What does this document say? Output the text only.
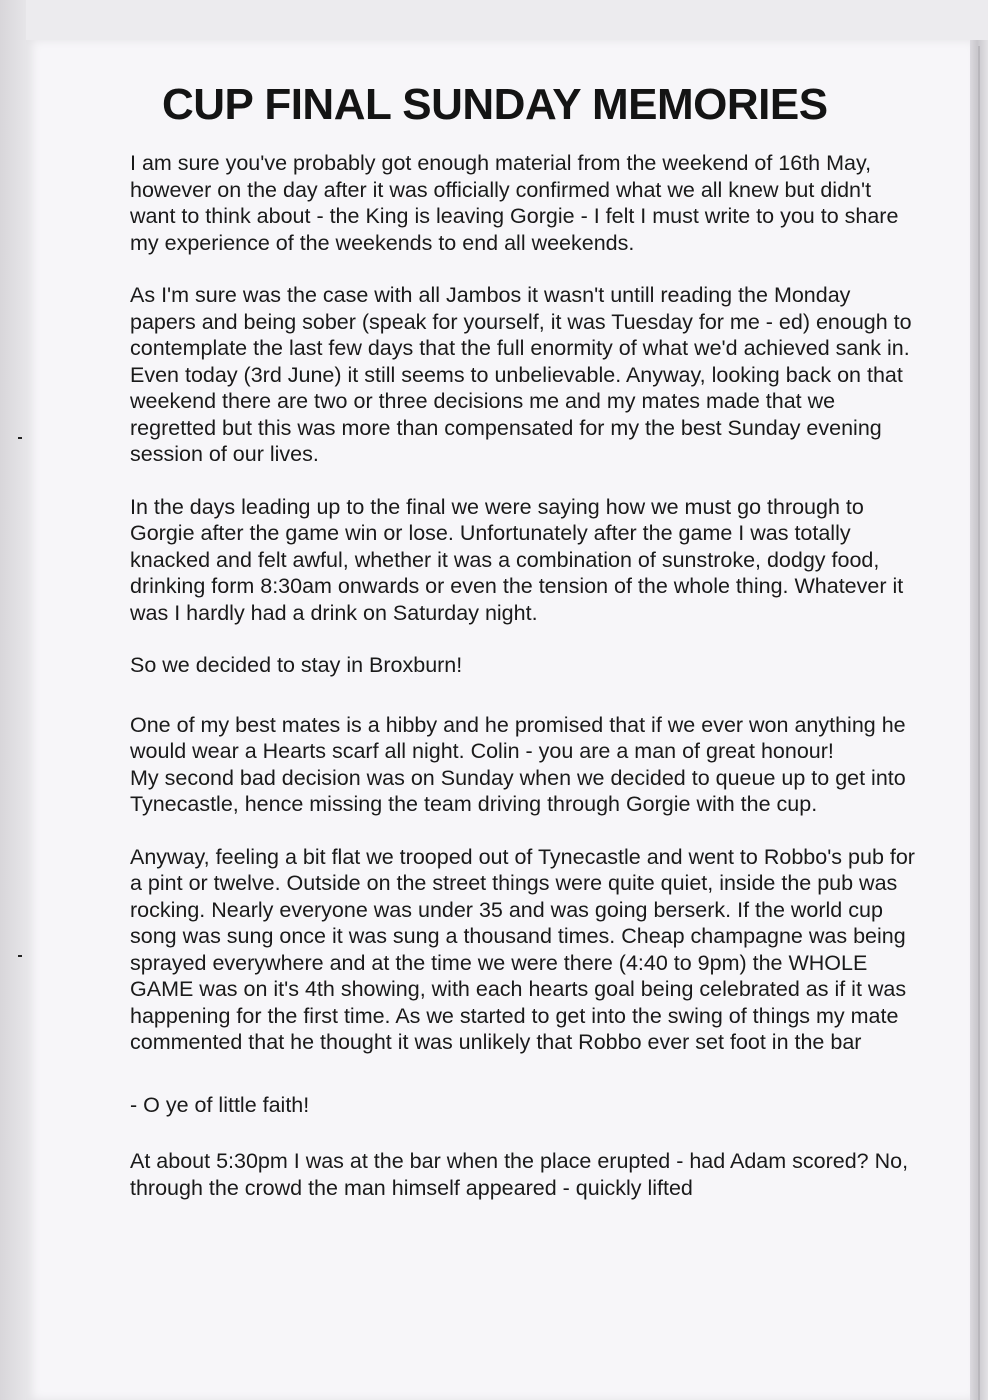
CUP FINAL SUNDAY MEMORIES

I am sure you've probably got enough material from the weekend of 16th May, however on the day after it was officially confirmed what we all knew but didn't want to think about - the King is leaving Gorgie - I felt I must write to you to share my experience of the weekends to end all weekends.

As I'm sure was the case with all Jambos it wasn't untill reading the Monday papers and being sober (speak for yourself, it was Tuesday for me - ed) enough to contemplate the last few days that the full enormity of what we'd achieved sank in. Even today (3rd June) it still seems to unbelievable. Anyway, looking back on that weekend there are two or three decisions me and my mates made that we regretted but this was more than compensated for my the best Sunday evening session of our lives.

In the days leading up to the final we were saying how we must go through to Gorgie after the game win or lose. Unfortunately after the game I was totally knacked and felt awful, whether it was a combination of sunstroke, dodgy food, drinking form 8:30am onwards or even the tension of the whole thing. Whatever it was I hardly had a drink on Saturday night.

So we decided to stay in Broxburn!

One of my best mates is a hibby and he promised that if we ever won anything he would wear a Hearts scarf all night. Colin - you are a man of great honour!

My second bad decision was on Sunday when we decided to queue up to get into Tynecastle, hence missing the team driving through Gorgie with the cup.

Anyway, feeling a bit flat we trooped out of Tynecastle and went to Robbo's pub for a pint or twelve. Outside on the street things were quite quiet, inside the pub was rocking. Nearly everyone was under 35 and was going berserk. If the world cup song was sung once it was sung a thousand times. Cheap champagne was being sprayed everywhere and at the time we were there (4:40 to 9pm) the WHOLE GAME was on it's 4th showing, with each hearts goal being celebrated as if it was happening for the first time. As we started to get into the swing of things my mate commented that he thought it was unlikely that Robbo ever set foot in the bar

- O ye of little faith!

At about 5:30pm I was at the bar when the place erupted - had Adam scored? No, through the crowd the man himself appeared - quickly lifted
